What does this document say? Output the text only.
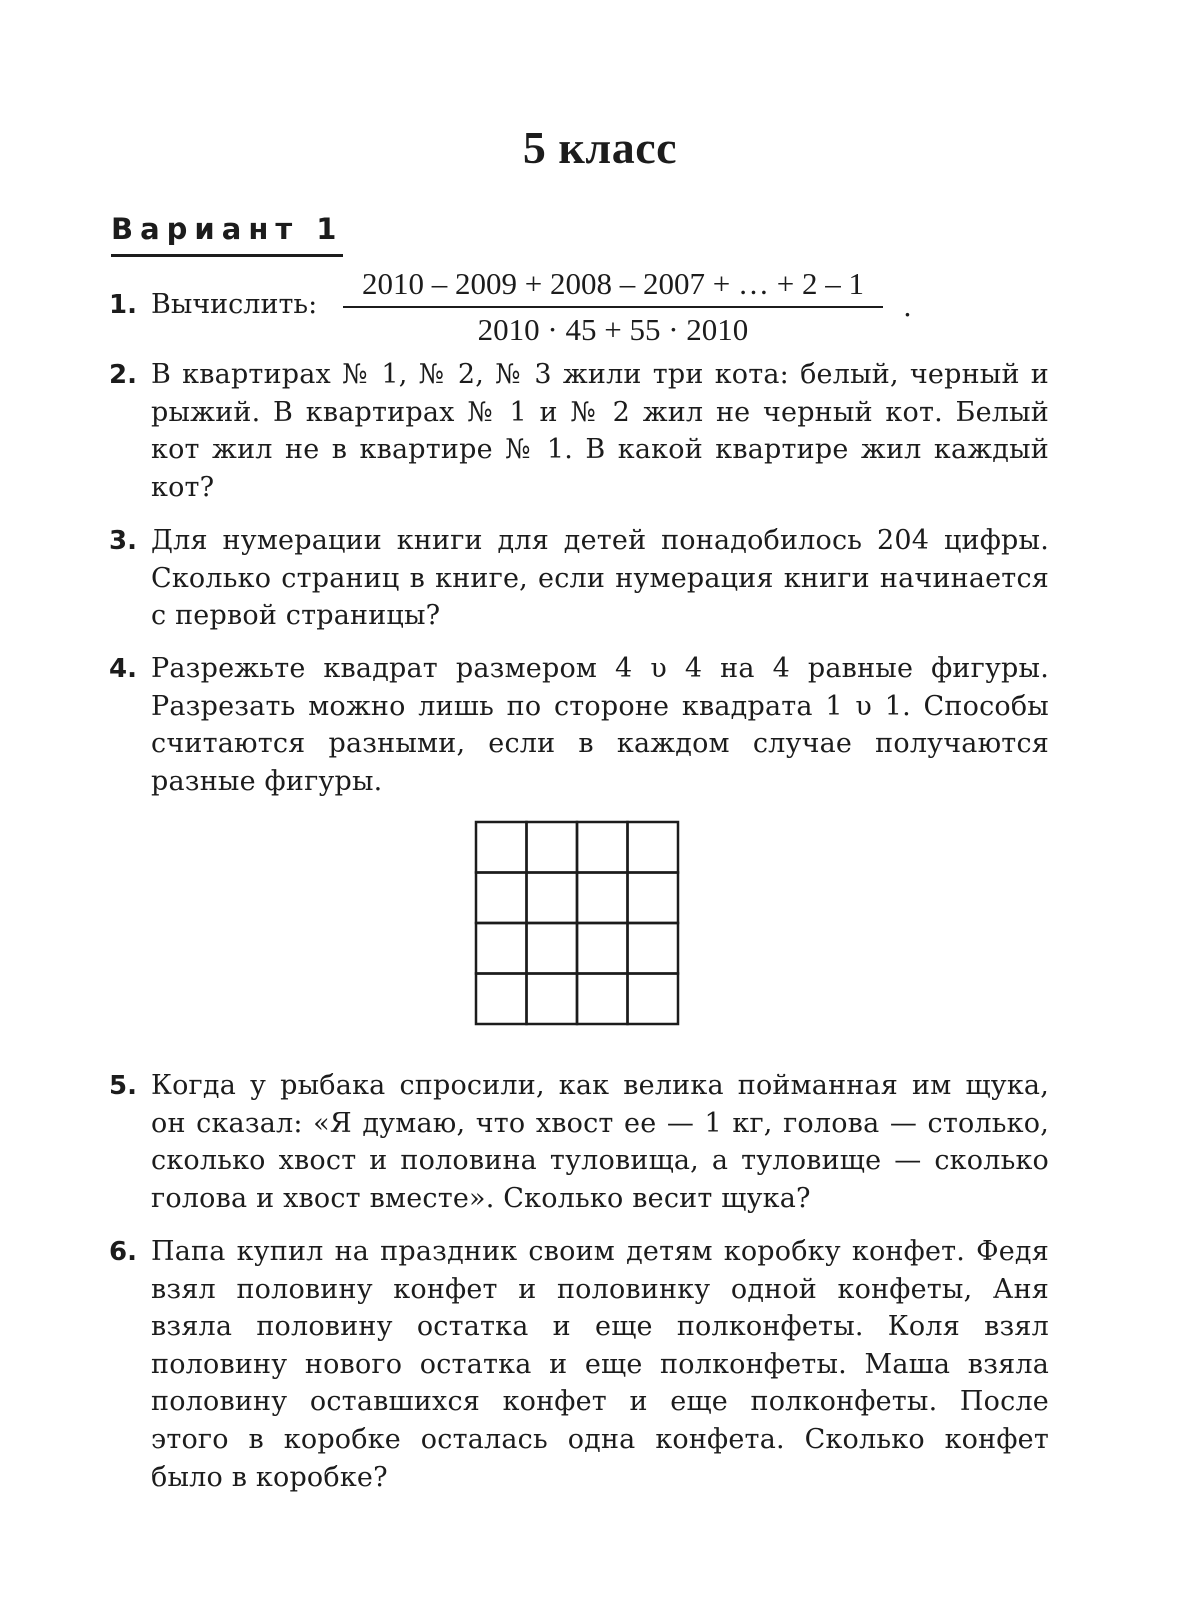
5 класс
Вариант 1
1. Вычислить:
2010 – 2009 + 2008 – 2007 + … + 2 – 1
2010 · 45 + 55 · 2010
.
2. В квартирах № 1, № 2, № 3 жили три кота: белый, черный и рыжий. В квартирах № 1 и № 2 жил не черный кот. Белый кот жил не в квартире № 1. В какой квартире жил каждый кот?

3. Для нумерации книги для детей понадобилось 204 цифры. Сколько страниц в книге, если нумерация книги начинается с первой страницы?

4. Разрежьте квадрат размером 4 υ 4 на 4 равные фигуры. Разрезать можно лишь по стороне квадрата 1 υ 1. Способы считаются разными, если в каждом случае получаются разные фигуры.

5. Когда у рыбака спросили, как велика пойманная им щука, он сказал: «Я думаю, что хвост ее — 1 кг, голова — столько, сколько хвост и половина туловища, а туловище — сколько голова и хвост вместе». Сколько весит щука?

6. Папа купил на праздник своим детям коробку конфет. Федя взял половину конфет и половинку одной конфеты, Аня взяла половину остатка и еще полконфеты. Коля взял половину нового остатка и еще полконфеты. Маша взяла половину оставшихся конфет и еще полконфеты. После этого в коробке осталась одна конфета. Сколько конфет было в коробке?
